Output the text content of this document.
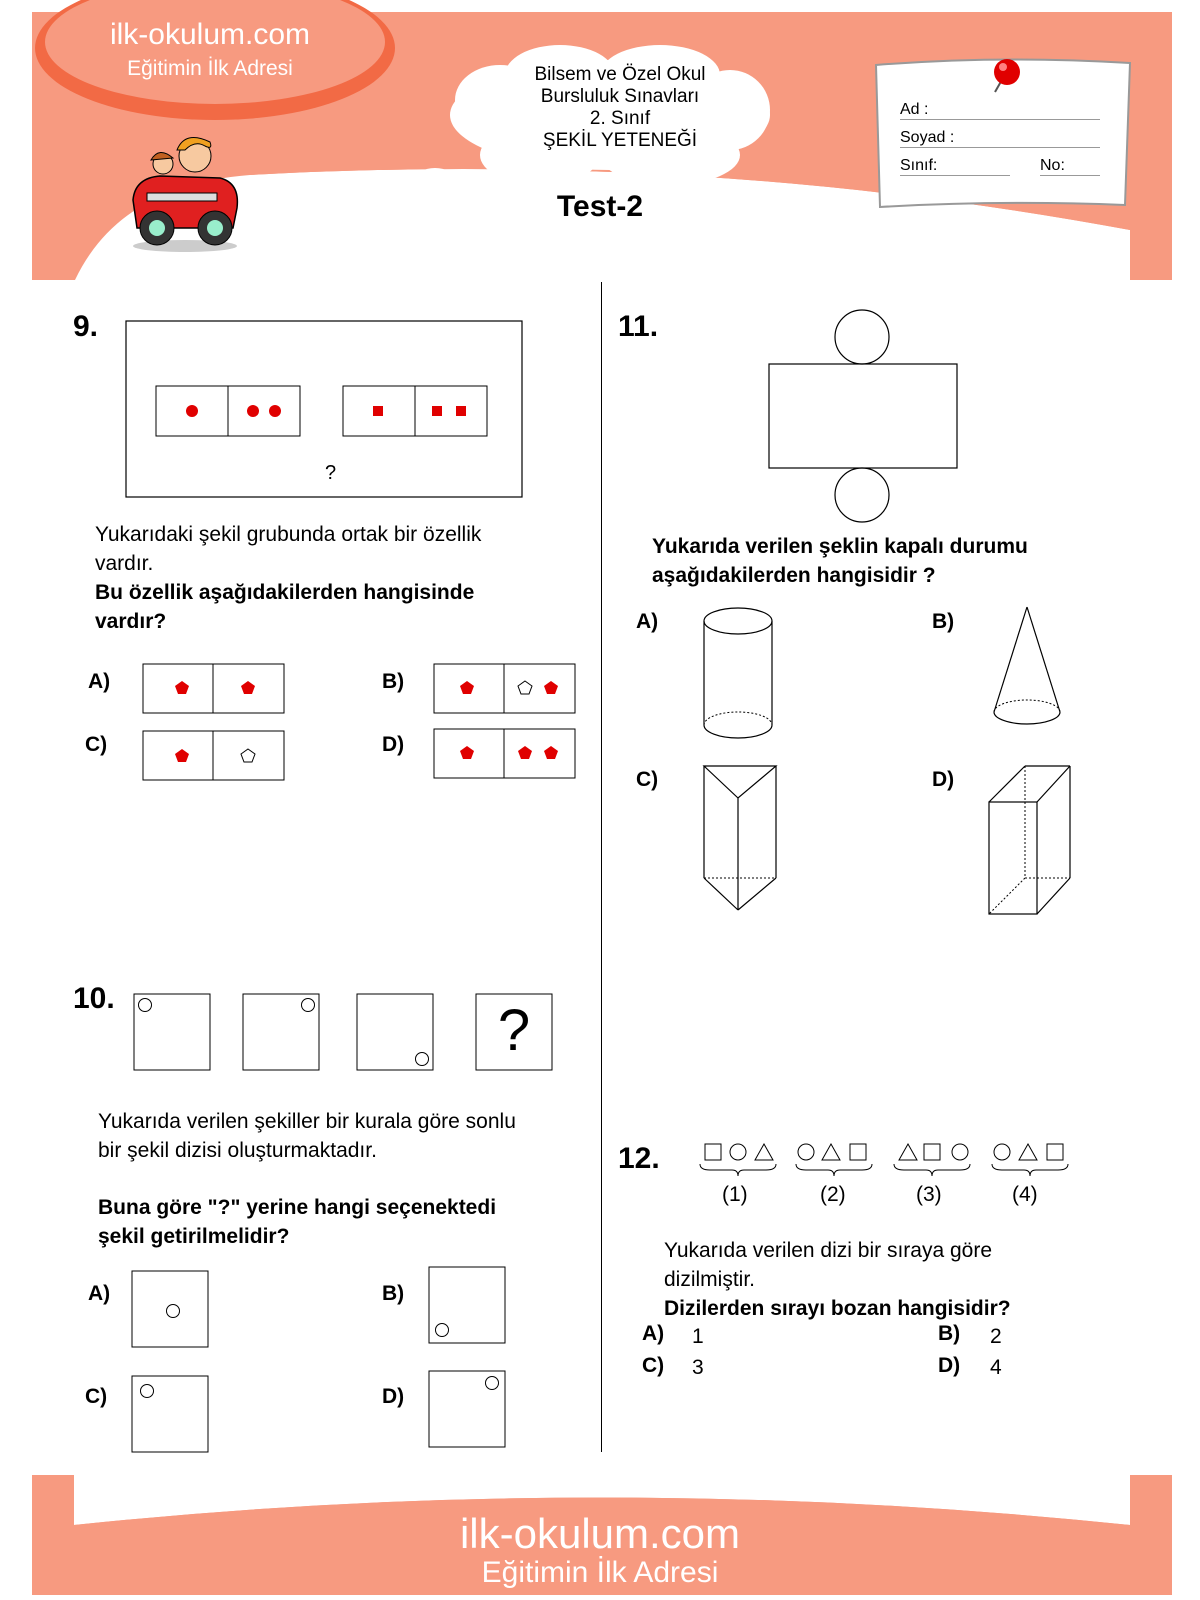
ilk-okulum.com
Eğitimin İlk Adresi	Bilsem ve Özel Okul
Bursluluk Sınavları
2. Sınıf
ŞEKİL YETENEĞİ
Test-2
Ad :
Soyad :
Sınıf:	No:
9.
?
Yukarıdaki şekil grubunda ortak bir özellik
vardır.
Bu özellik aşağıdakilerden hangisinde
vardır?
A)	B)
C)	D)
10.	?
Yukarıda verilen şekiller bir kurala göre sonlu
bir şekil dizisi oluşturmaktadır.
Buna göre "?" yerine hangi seçenektedi
şekil getirilmelidir?
A)	B)
C)	D)
11.
Yukarıda verilen şeklin kapalı durumu
aşağıdakilerden hangisidir ?
A)	B)
C)	D)
12.
(1)	(2)	(3)	(4)
Yukarıda verilen dizi bir sıraya göre
dizilmiştir.
Dizilerden sırayı bozan hangisidir?
A) 1	B) 2
C) 3	D) 4
ilk-okulum.com
Eğitimin İlk Adresi
